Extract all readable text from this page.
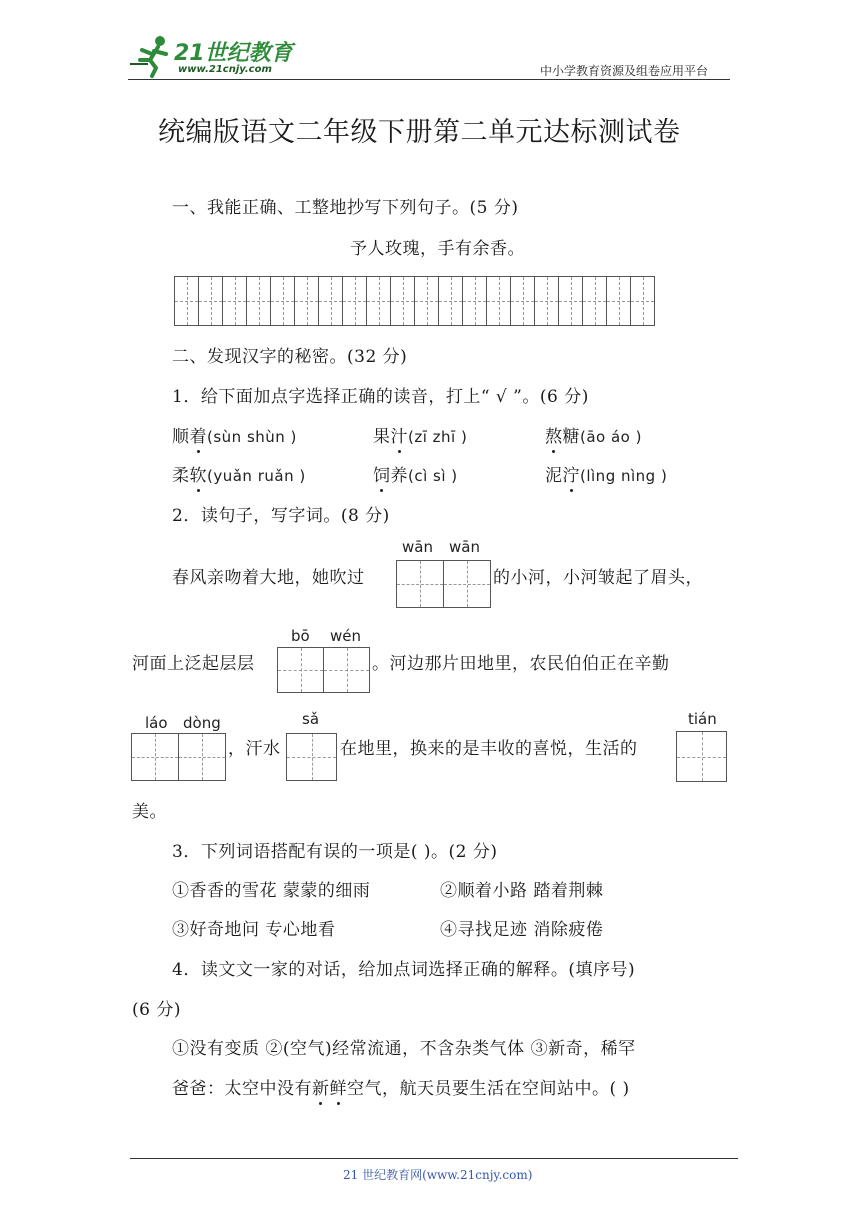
21世纪教育
www.21cnjy.com	中小学教育资源及组卷应用平台
统编版语文二年级下册第二单元达标测试卷
一、我能正确、工整地抄写下列句子。(5 分)
予人玫瑰，手有余香。
二、发现汉字的秘密。(32 分)
1．给下面加点字选择正确的读音，打上“ √ ”。(6 分)
顺着(sùn shùn )	果汁(zī zhī )	熬糖(āo áo )
柔软(yuǎn ruǎn )	饲养(cì sì )	泥泞(lìng nìng )
2．读句子，写字词。(8 分)
wān wān
春风亲吻着大地，她吹过	的小河，小河皱起了眉头，
bō wén
河面上泛起层层	。河边那片田地里，农民伯伯正在辛勤
láo dòng	sǎ	tián
，汗水	在地里，换来的是丰收的喜悦，生活的
美。
3．下列词语搭配有误的一项是( )。(2 分)
①香香的雪花 蒙蒙的细雨	②顺着小路 踏着荆棘
③好奇地问 专心地看	④寻找足迹 消除疲倦
4．读文文一家的对话，给加点词选择正确的解释。(填序号)
(6 分)
①没有变质 ②(空气)经常流通，不含杂类气体 ③新奇，稀罕
爸爸：太空中没有新鲜空气，航天员要生活在空间站中。( )
21 世纪教育网(www.21cnjy.com)
